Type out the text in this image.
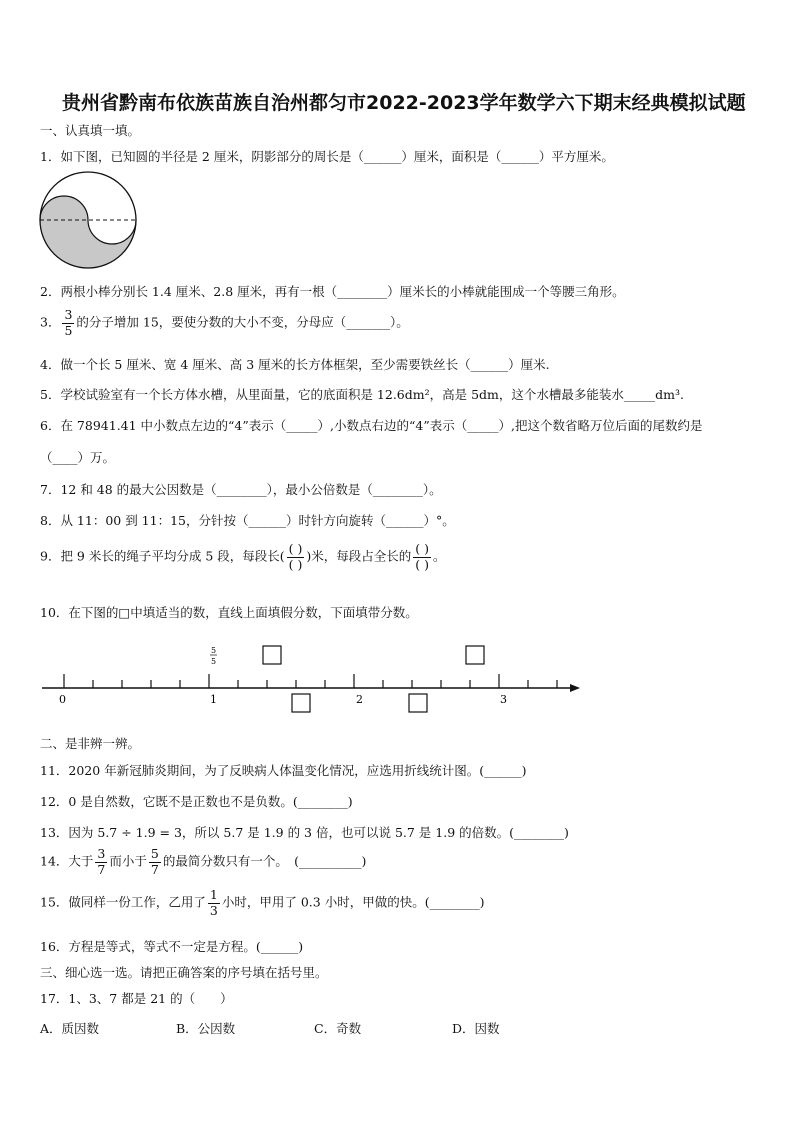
贵州省黔南布依族苗族自治州都匀市2022-2023学年数学六下期末经典模拟试题
一、认真填一填。
1．如下图，已知圆的半径是 2 厘米，阴影部分的周长是（______）厘米，面积是（______）平方厘米。
2．两根小棒分别长 1.4 厘米、2.8 厘米，再有一根（________）厘米长的小棒就能围成一个等腰三角形。
3． $\frac{3}{5}$ 的分子增加 15，要使分数的大小不变，分母应（_______）。
4．做一个长 5 厘米、宽 4 厘米、高 3 厘米的长方体框架，至少需要铁丝长（______）厘米.
5．学校试验室有一个长方体水槽，从里面量，它的底面积是 12.6dm²，高是 5dm，这个水槽最多能装水_____dm³.
6．在 78941.41 中小数点左边的“4”表示（_____）,小数点右边的“4”表示（_____）,把这个数省略万位后面的尾数约是
（____）万。
7．12 和 48 的最大公因数是（________），最小公倍数是（________）。
8．从 11：00 到 11：15，分针按（______）时针方向旋转（______）°。
9．把 9 米长的绳子平均分成 5 段，每段长( $\frac{( )}{( )}$ )米，每段占全长的 $\frac{( )}{( )}$ 。
10．在下图的□中填适当的数，直线上面填假分数，下面填带分数。
0	1	2	3
5
5
二、是非辨一辨。
11．2020 年新冠肺炎期间，为了反映病人体温变化情况，应选用折线统计图。(______)
12．0 是自然数，它既不是正数也不是负数。(________)
13．因为 5.7 ÷ 1.9 = 3，所以 5.7 是 1.9 的 3 倍，也可以说 5.7 是 1.9 的倍数。(________)
14．大于 $\frac{3}{7}$ 而小于 $\frac{5}{7}$ 的最简分数只有一个。　(__________)
15．做同样一份工作，乙用了 $\frac{1}{3}$ 小时，甲用了 0.3 小时，甲做的快。(________)
16．方程是等式，等式不一定是方程。(______)
三、细心选一选。请把正确答案的序号填在括号里。
17．1、3、7 都是 21 的（　　）
A．质因数	B．公因数	C．奇数	D．因数
